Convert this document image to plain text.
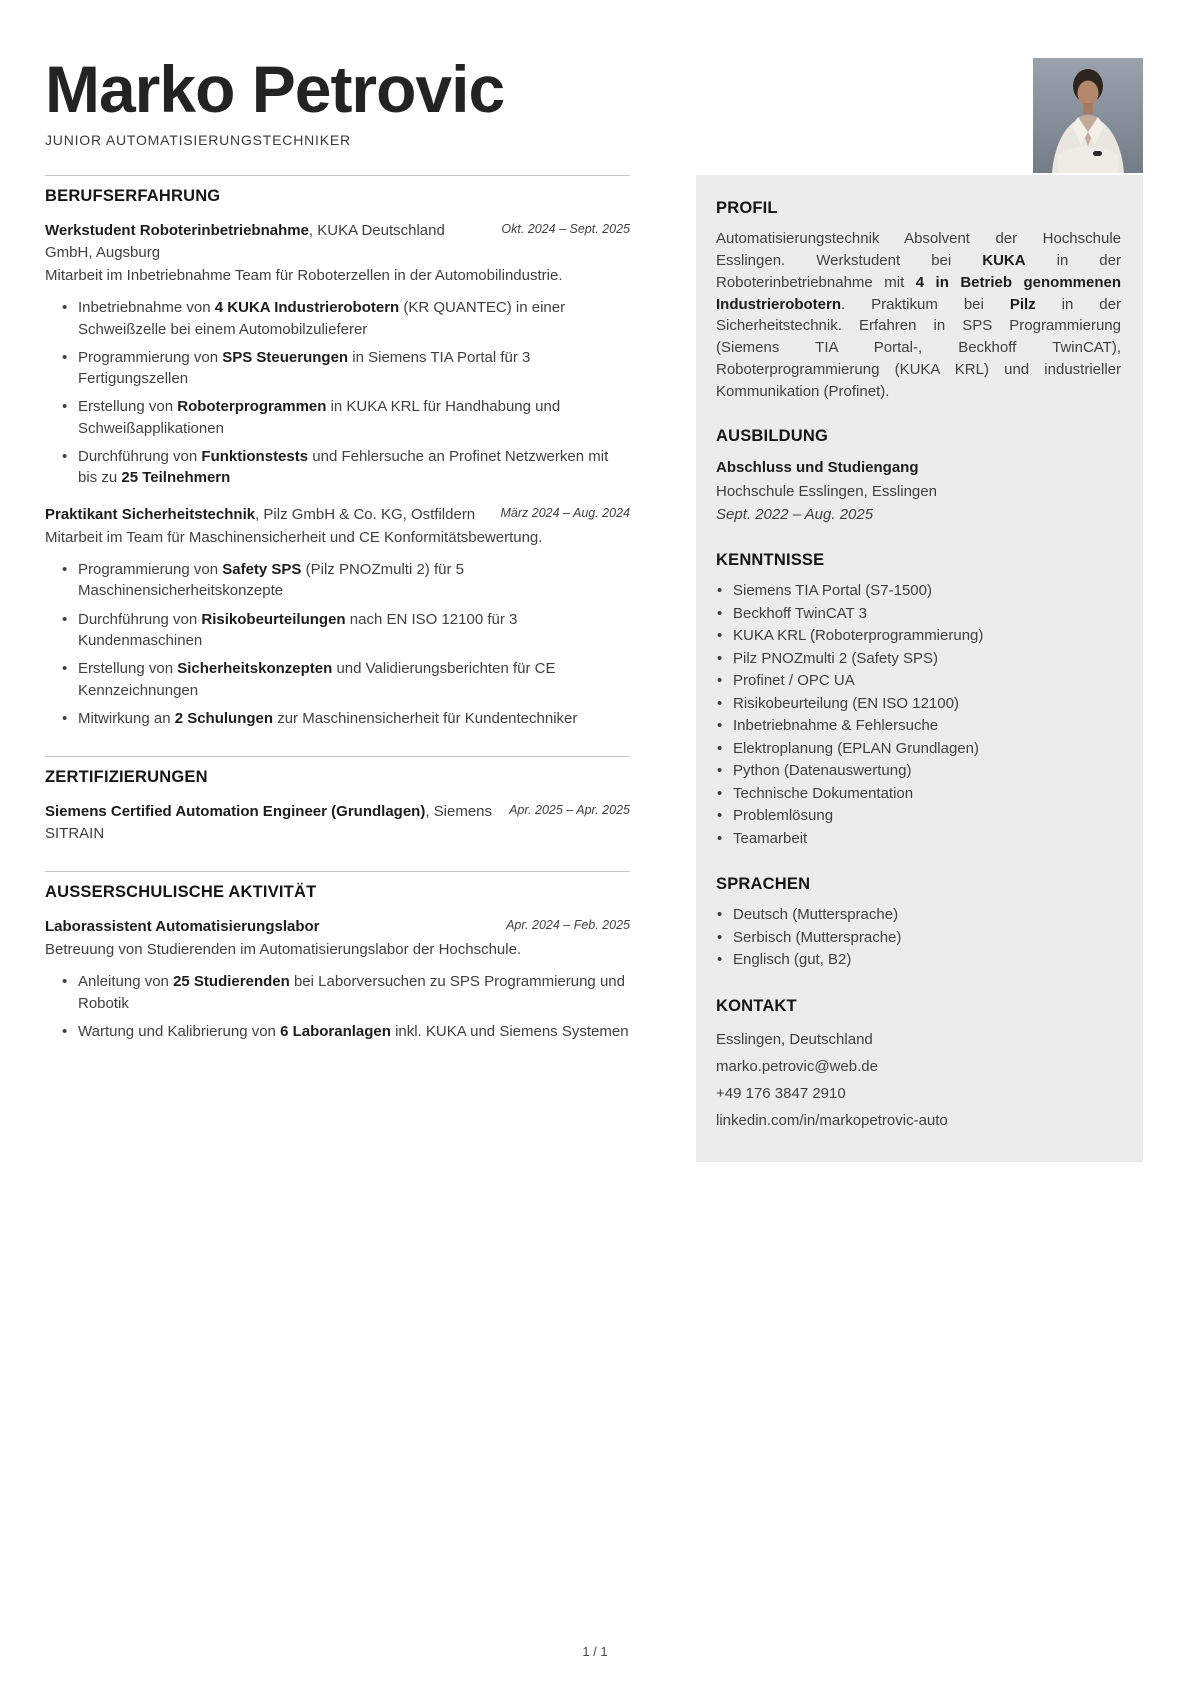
Marko Petrovic
JUNIOR AUTOMATISIERUNGSTECHNIKER
BERUFSERFAHRUNG
Werkstudent Roboterinbetriebnahme, KUKA Deutschland GmbH, Augsburg
Okt. 2024 – Sept. 2025
Mitarbeit im Inbetriebnahme Team für Roboterzellen in der Automobilindustrie.
• Inbetriebnahme von 4 KUKA Industrierobotern (KR QUANTEC) in einer Schweißzelle bei einem Automobilzulieferer
• Programmierung von SPS Steuerungen in Siemens TIA Portal für 3 Fertigungszellen
• Erstellung von Roboterprogrammen in KUKA KRL für Handhabung und Schweißapplikationen
• Durchführung von Funktionstests und Fehlersuche an Profinet Netzwerken mit bis zu 25 Teilnehmern
Praktikant Sicherheitstechnik, Pilz GmbH & Co. KG, Ostfildern März 2024 – Aug. 2024
Mitarbeit im Team für Maschinensicherheit und CE Konformitätsbewertung.
• Programmierung von Safety SPS (Pilz PNOZmulti 2) für 5 Maschinensicherheitskonzepte
• Durchführung von Risikobeurteilungen nach EN ISO 12100 für 3 Kundenmaschinen
• Erstellung von Sicherheitskonzepten und Validierungsberichten für CE Kennzeichnungen
• Mitwirkung an 2 Schulungen zur Maschinensicherheit für Kundentechniker
ZERTIFIZIERUNGEN
Siemens Certified Automation Engineer (Grundlagen), Siemens SITRAIN
Apr. 2025 – Apr. 2025
AUSSERSCHULISCHE AKTIVITÄT
Laborassistent Automatisierungslabor	Apr. 2024 – Feb. 2025
Betreuung von Studierenden im Automatisierungslabor der Hochschule.
• Anleitung von 25 Studierenden bei Laborversuchen zu SPS Programmierung und Robotik
• Wartung und Kalibrierung von 6 Laboranlagen inkl. KUKA und Siemens Systemen
PROFIL
Automatisierungstechnik Absolvent der Hochschule Esslingen. Werkstudent bei KUKA in der Roboterinbetriebnahme mit 4 in Betrieb genommenen Industrierobotern. Praktikum bei Pilz in der Sicherheitstechnik. Erfahren in SPS Programmierung (Siemens TIA Portal-, Beckhoff TwinCAT), Roboterprogrammierung (KUKA KRL) und industrieller Kommunikation (Profinet).
AUSBILDUNG
Abschluss und Studiengang
Hochschule Esslingen, Esslingen
Sept. 2022 – Aug. 2025
KENNTNISSE
• Siemens TIA Portal (S7-1500)
• Beckhoff TwinCAT 3
• KUKA KRL (Roboterprogrammierung)
• Pilz PNOZmulti 2 (Safety SPS)
• Profinet / OPC UA
• Risikobeurteilung (EN ISO 12100)
• Inbetriebnahme & Fehlersuche
• Elektroplanung (EPLAN Grundlagen)
• Python (Datenauswertung)
• Technische Dokumentation
• Problemlösung
• Teamarbeit
SPRACHEN
• Deutsch (Muttersprache)
• Serbisch (Muttersprache)
• Englisch (gut, B2)
KONTAKT
Esslingen, Deutschland
marko.petrovic@web.de
+49 176 3847 2910
linkedin.com/in/markopetrovic-auto
1 / 1
